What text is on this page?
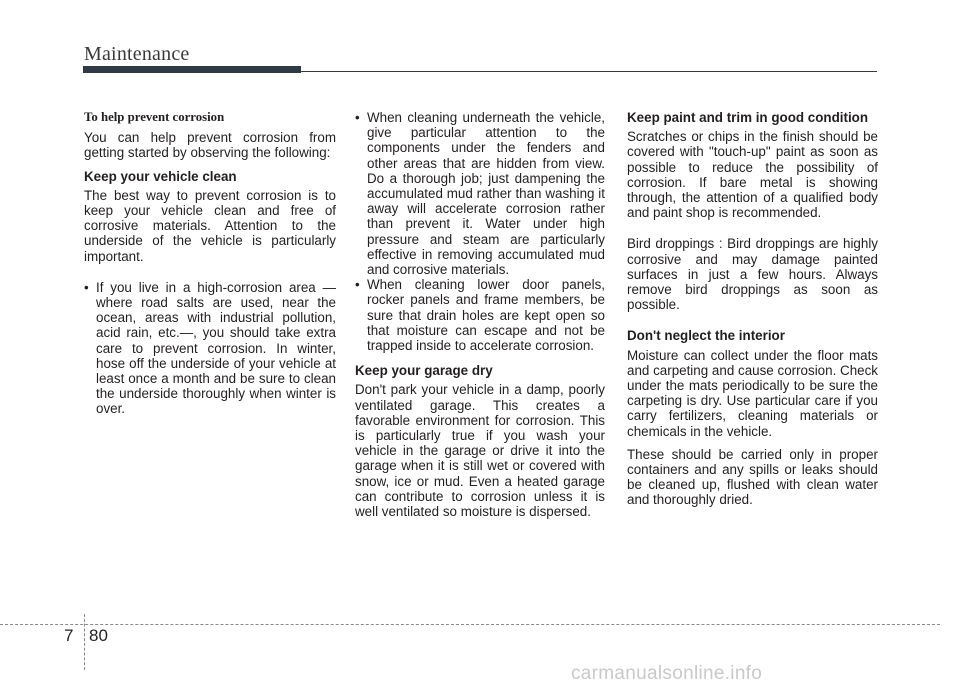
Maintenance
To help prevent corrosion

You can help prevent corrosion from getting started by observing the following:

Keep your vehicle clean

The best way to prevent corrosion is to keep your vehicle clean and free of corrosive materials. Attention to the underside of the vehicle is particularly important.

• If you live in a high-corrosion area — where road salts are used, near the ocean, areas with industrial pollution, acid rain, etc.—, you should take extra care to prevent corrosion. In winter, hose off the underside of your vehicle at least once a month and be sure to clean the underside thoroughly when winter is over.
• When cleaning underneath the vehicle, give particular attention to the components under the fenders and other areas that are hidden from view. Do a thorough job; just dampening the accumulated mud rather than washing it away will accelerate corrosion rather than prevent it. Water under high pressure and steam are particularly effective in removing accumulated mud and corrosive materials.
• When cleaning lower door panels, rocker panels and frame members, be sure that drain holes are kept open so that moisture can escape and not be trapped inside to accelerate corrosion.
Keep your garage dry

Don't park your vehicle in a damp, poorly ventilated garage. This creates a favorable environment for corrosion. This is particularly true if you wash your vehicle in the garage or drive it into the garage when it is still wet or covered with snow, ice or mud. Even a heated garage can contribute to corrosion unless it is well ventilated so moisture is dispersed.

Keep paint and trim in good condition

Scratches or chips in the finish should be covered with "touch-up" paint as soon as possible to reduce the possibility of corrosion. If bare metal is showing through, the attention of a qualified body and paint shop is recommended.

Bird droppings : Bird droppings are highly corrosive and may damage painted surfaces in just a few hours. Always remove bird droppings as soon as possible.

Don't neglect the interior

Moisture can collect under the floor mats and carpeting and cause corrosion. Check under the mats periodically to be sure the carpeting is dry. Use particular care if you carry fertilizers, cleaning materials or chemicals in the vehicle.

These should be carried only in proper containers and any spills or leaks should be cleaned up, flushed with clean water and thoroughly dried.

7 80
carmanualsonline.info
